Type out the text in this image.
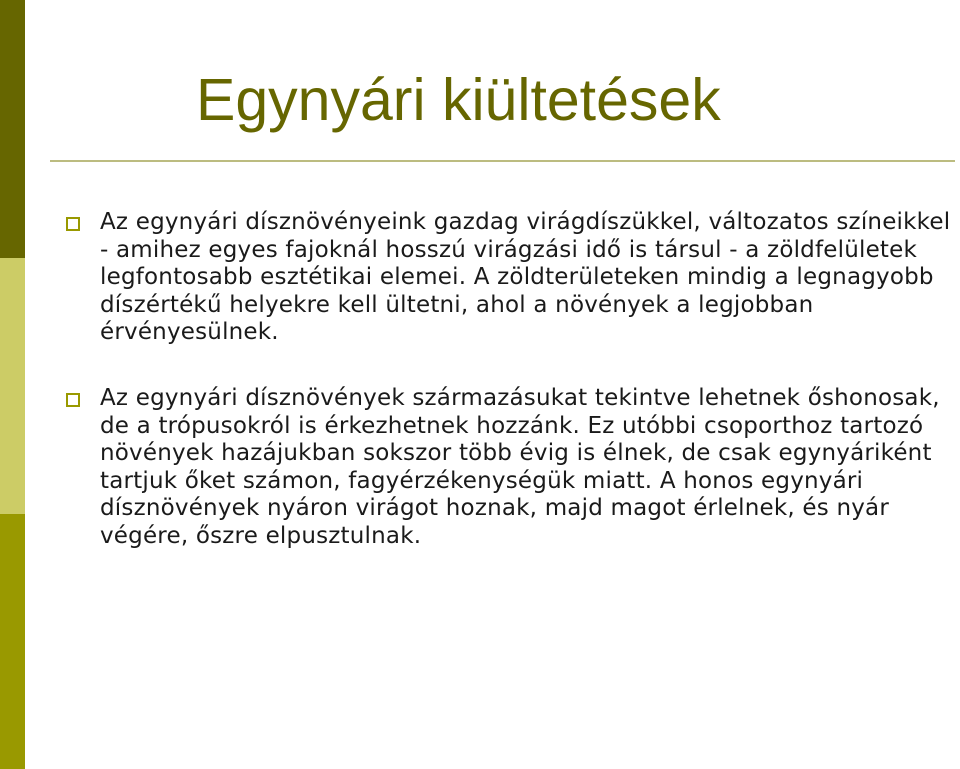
Egynyári kiültetések
Az egynyári dísznövényeink gazdag virágdíszükkel, változatos színeikkel - amihez egyes fajoknál hosszú virágzási idő is társul - a zöldfelületek legfontosabb esztétikai elemei. A zöldterületeken mindig a legnagyobb díszértékű helyekre kell ültetni, ahol a növények a legjobban érvényesülnek.
Az egynyári dísznövények származásukat tekintve lehetnek őshonosak, de a trópusokról is érkezhetnek hozzánk. Ez utóbbi csoporthoz tartozó növények hazájukban sokszor több évig is élnek, de csak egynyáriként tartjuk őket számon, fagyérzékenységük miatt. A honos egynyári dísznövények nyáron virágot hoznak, majd magot érlelnek, és nyár végére, őszre elpusztulnak.
